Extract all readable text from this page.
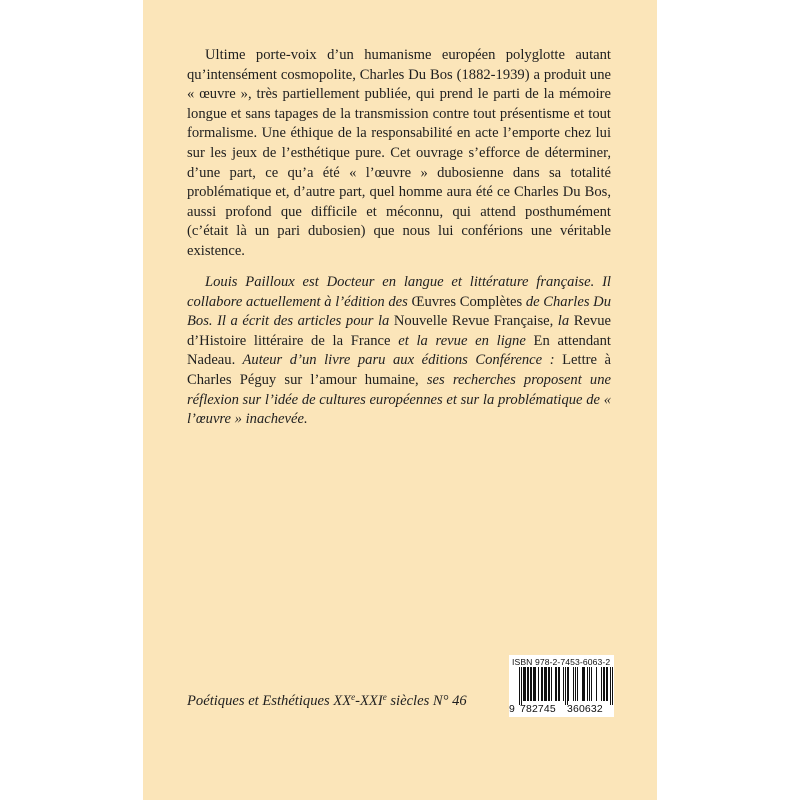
Ultime porte-voix d’un humanisme européen polyglotte autant qu’intensément cosmopolite, Charles Du Bos (1882-1939) a produit une « œuvre », très partiellement publiée, qui prend le parti de la mémoire longue et sans tapages de la transmission contre tout présentisme et tout formalisme. Une éthique de la responsabilité en acte l’emporte chez lui sur les jeux de l’esthétique pure. Cet ouvrage s’efforce de déterminer, d’une part, ce qu’a été « l’œuvre » dubosienne dans sa totalité problématique et, d’autre part, quel homme aura été ce Charles Du Bos, aussi profond que difficile et méconnu, qui attend posthumément (c’était là un pari dubosien) que nous lui conférions une véritable existence.

Louis Pailloux est Docteur en langue et littérature française. Il collabore actuellement à l’édition des Œuvres Complètes de Charles Du Bos. Il a écrit des articles pour la Nouvelle Revue Française, la Revue d’Histoire littéraire de la France et la revue en ligne En attendant Nadeau. Auteur d’un livre paru aux éditions Conférence : Lettre à Charles Péguy sur l’amour humaine, ses recherches proposent une réflexion sur l’idée de cultures européennes et sur la problématique de « l’œuvre » inachevée.

Poétiques et Esthétiques XXe-XXIe siècles N° 46
ISBN 978-2-7453-6063-2
9 782745 360632
